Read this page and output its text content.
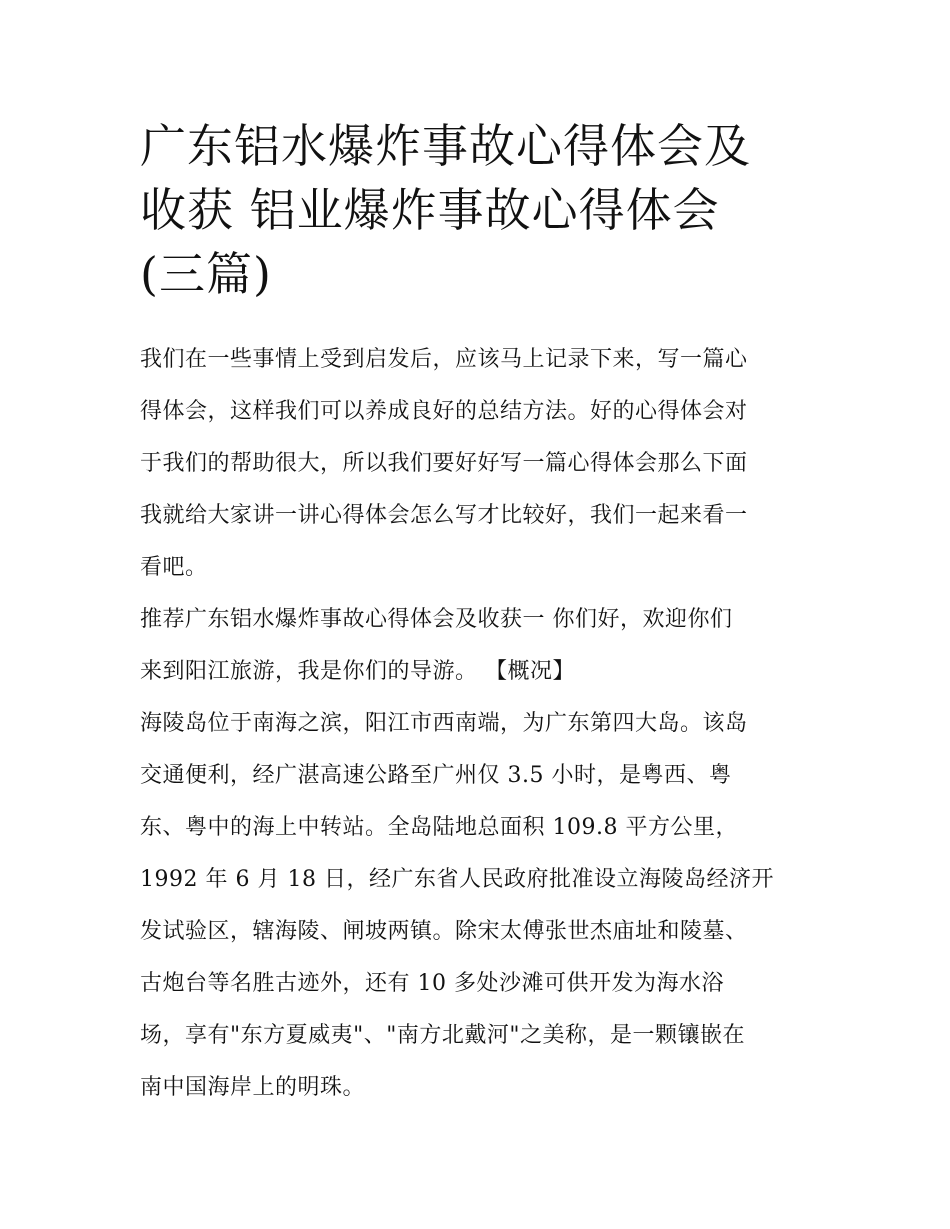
广东铝水爆炸事故心得体会及
收获 铝业爆炸事故心得体会
(三篇)

我们在一些事情上受到启发后，应该马上记录下来，写一篇心
得体会，这样我们可以养成良好的总结方法。好的心得体会对
于我们的帮助很大，所以我们要好好写一篇心得体会那么下面
我就给大家讲一讲心得体会怎么写才比较好，我们一起来看一
看吧。

推荐广东铝水爆炸事故心得体会及收获一 你们好，欢迎你们
来到阳江旅游，我是你们的导游。 【概况】

海陵岛位于南海之滨，阳江市西南端，为广东第四大岛。该岛
交通便利，经广湛高速公路至广州仅 3.5 小时，是粤西、粤
东、粤中的海上中转站。全岛陆地总面积 109.8 平方公里，
1992 年 6 月 18 日，经广东省人民政府批准设立海陵岛经济开
发试验区，辖海陵、闸坡两镇。除宋太傅张世杰庙址和陵墓、
古炮台等名胜古迹外，还有 10 多处沙滩可供开发为海水浴
场，享有"东方夏威夷"、"南方北戴河"之美称，是一颗镶嵌在
南中国海岸上的明珠。
